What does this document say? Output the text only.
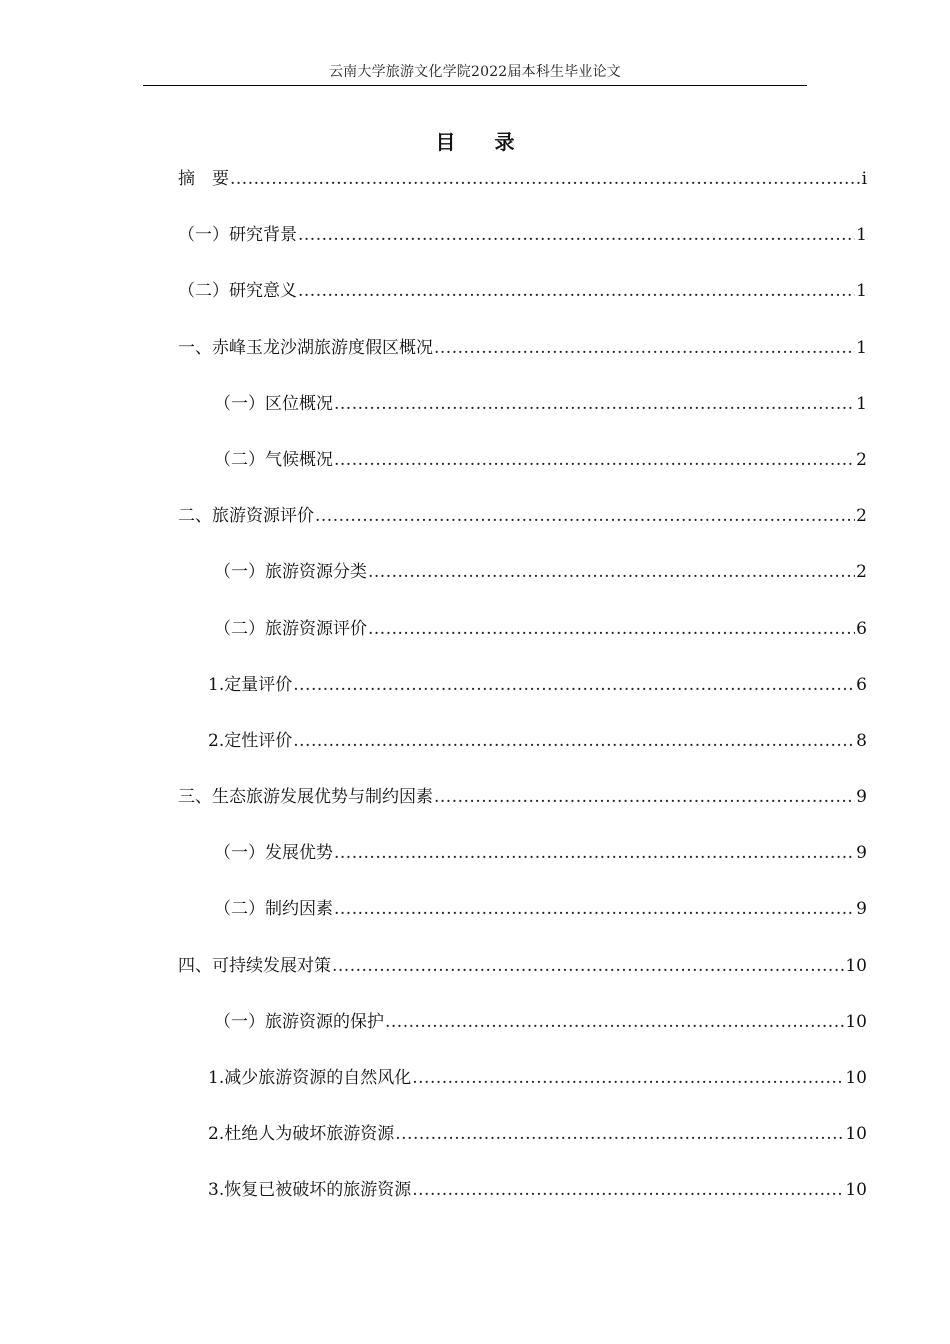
云南大学旅游文化学院2022届本科生毕业论文
目 录
摘　要 .....	i
（一）研究背景 .....	1
（二）研究意义 .....	1
一、赤峰玉龙沙湖旅游度假区概况 .....	1
（一）区位概况 .....	1
（二）气候概况 .....	2
二、旅游资源评价 .....	2
（一）旅游资源分类 .....	2
（二）旅游资源评价 .....	6
1.定量评价 .....	6
2.定性评价 .....	8
三、生态旅游发展优势与制约因素 .....	9
（一）发展优势 .....	9
（二）制约因素 .....	9
四、可持续发展对策 .....	10
（一）旅游资源的保护 .....	10
1.减少旅游资源的自然风化 .....	10
2.杜绝人为破坏旅游资源 .....	10
3.恢复已被破坏的旅游资源 .....	10
